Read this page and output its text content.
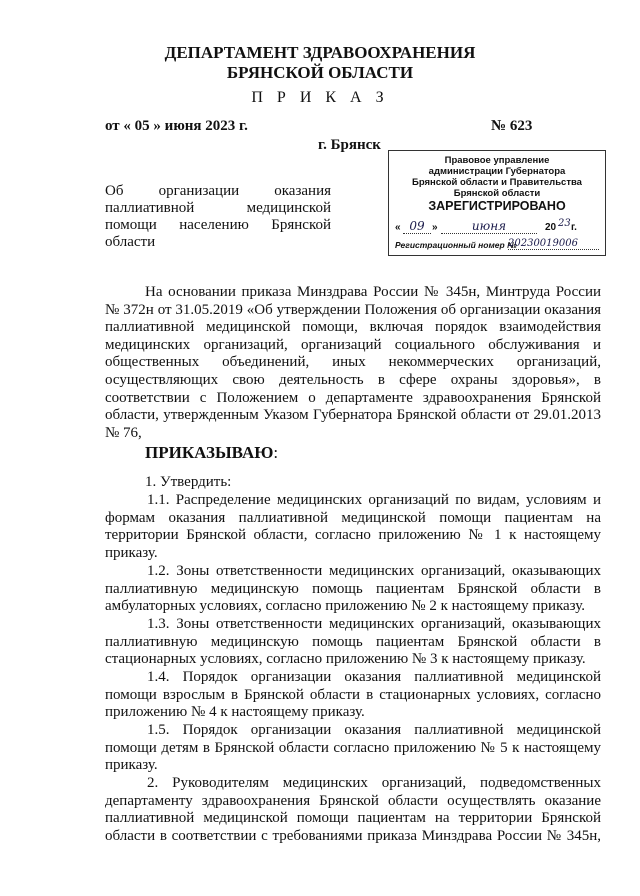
ДЕПАРТАМЕНТ ЗДРАВООХРАНЕНИЯ
БРЯНСКОЙ ОБЛАСТИ
П Р И К А З
от « 05 » июня 2023 г.	№ 623
г. Брянск
Правовое управление
администрации Губернатора
Брянской области и Правительства
Брянской области
ЗАРЕГИСТРИРОВАНО
« 09 »	июня	20 23 г.
Регистрационный номер №
20230019006
Об организации оказания
паллиативной медицинской
помощи населению Брянской
области
На основании приказа Минздрава России № 345н, Минтруда России
№ 372н от 31.05.2019 «Об утверждении Положения об организации оказания
паллиативной медицинской помощи, включая порядок взаимодействия
медицинских организаций, организаций социального обслуживания и
общественных объединений, иных некоммерческих организаций,
осуществляющих свою деятельность в сфере охраны здоровья», в
соответствии с Положением о департаменте здравоохранения Брянской
области, утвержденным Указом Губернатора Брянской области от 29.01.2013
№ 76,
ПРИКАЗЫВАЮ:
1. Утвердить:
1.1. Распределение медицинских организаций по видам, условиям и
формам оказания паллиативной медицинской помощи пациентам на
территории Брянской области, согласно приложению № 1 к настоящему
приказу.
1.2. Зоны ответственности медицинских организаций, оказывающих
паллиативную медицинскую помощь пациентам Брянской области в
амбулаторных условиях, согласно приложению № 2 к настоящему приказу.
1.3. Зоны ответственности медицинских организаций, оказывающих
паллиативную медицинскую помощь пациентам Брянской области в
стационарных условиях, согласно приложению № 3 к настоящему приказу.
1.4. Порядок организации оказания паллиативной медицинской
помощи взрослым в Брянской области в стационарных условиях, согласно
приложению № 4 к настоящему приказу.
1.5. Порядок организации оказания паллиативной медицинской
помощи детям в Брянской области согласно приложению № 5 к настоящему
приказу.
2. Руководителям медицинских организаций, подведомственных
департаменту здравоохранения Брянской области осуществлять оказание
паллиативной медицинской помощи пациентам на территории Брянской
области в соответствии с требованиями приказа Минздрава России № 345н,
